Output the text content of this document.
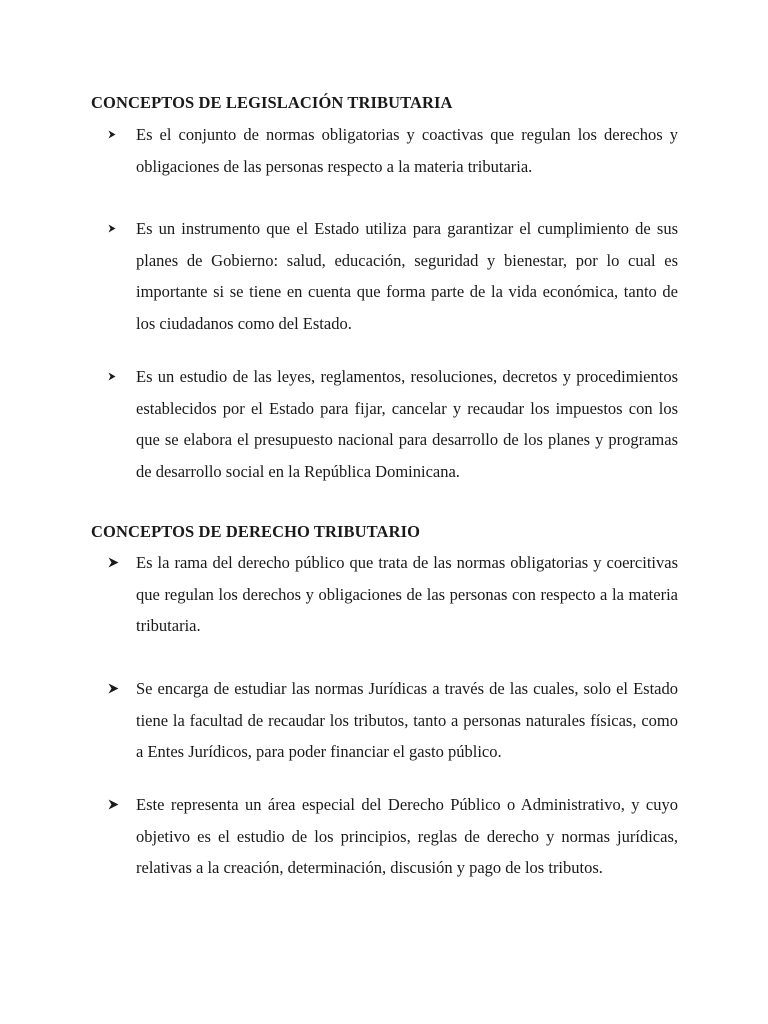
CONCEPTOS DE LEGISLACIÓN TRIBUTARIA

Es el conjunto de normas obligatorias y coactivas que regulan los derechos y obligaciones de las personas respecto a la materia tributaria.

Es un instrumento que el Estado utiliza para garantizar el cumplimiento de sus planes de Gobierno: salud, educación, seguridad y bienestar, por lo cual es importante si se tiene en cuenta que forma parte de la vida económica, tanto de los ciudadanos como del Estado.

Es un estudio de las leyes, reglamentos, resoluciones, decretos y procedimientos establecidos por el Estado para fijar, cancelar y recaudar los impuestos con los que se elabora el presupuesto nacional para desarrollo de los planes y programas de desarrollo social en la República Dominicana.

CONCEPTOS DE DERECHO TRIBUTARIO

Es la rama del derecho público que trata de las normas obligatorias y coercitivas que regulan los derechos y obligaciones de las personas con respecto a la materia tributaria.

Se encarga de estudiar las normas Jurídicas a través de las cuales, solo el Estado tiene la facultad de recaudar los tributos, tanto a personas naturales físicas, como a Entes Jurídicos, para poder financiar el gasto público.

Este representa un área especial del Derecho Público o Administrativo, y cuyo objetivo es el estudio de los principios, reglas de derecho y normas jurídicas, relativas a la creación, determinación, discusión y pago de los tributos.
